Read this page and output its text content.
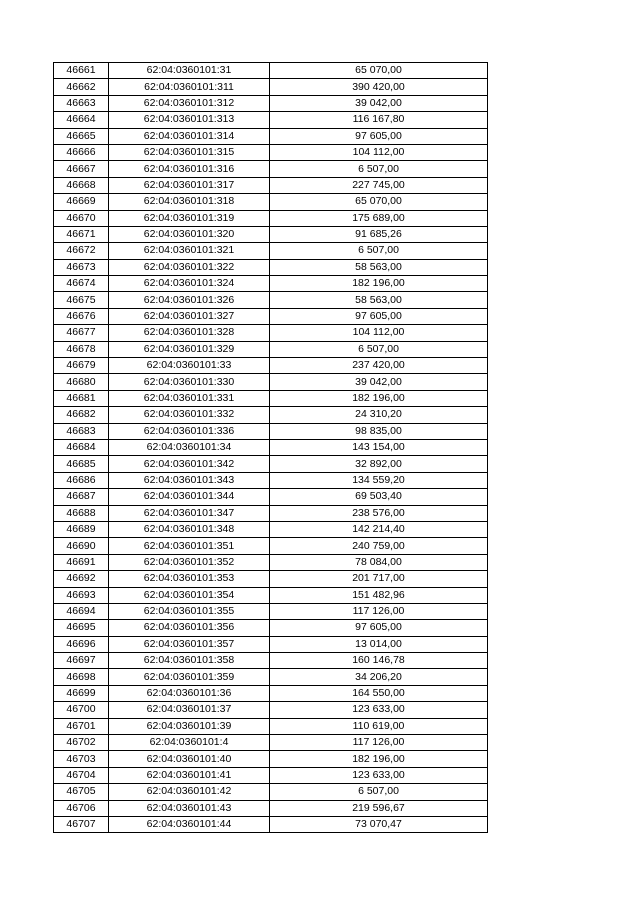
46661	62:04:0360101:31	65 070,00
46662	62:04:0360101:311	390 420,00
46663	62:04:0360101:312	39 042,00
46664	62:04:0360101:313	116 167,80
46665	62:04:0360101:314	97 605,00
46666	62:04:0360101:315	104 112,00
46667	62:04:0360101:316	6 507,00
46668	62:04:0360101:317	227 745,00
46669	62:04:0360101:318	65 070,00
46670	62:04:0360101:319	175 689,00
46671	62:04:0360101:320	91 685,26
46672	62:04:0360101:321	6 507,00
46673	62:04:0360101:322	58 563,00
46674	62:04:0360101:324	182 196,00
46675	62:04:0360101:326	58 563,00
46676	62:04:0360101:327	97 605,00
46677	62:04:0360101:328	104 112,00
46678	62:04:0360101:329	6 507,00
46679	62:04:0360101:33	237 420,00
46680	62:04:0360101:330	39 042,00
46681	62:04:0360101:331	182 196,00
46682	62:04:0360101:332	24 310,20
46683	62:04:0360101:336	98 835,00
46684	62:04:0360101:34	143 154,00
46685	62:04:0360101:342	32 892,00
46686	62:04:0360101:343	134 559,20
46687	62:04:0360101:344	69 503,40
46688	62:04:0360101:347	238 576,00
46689	62:04:0360101:348	142 214,40
46690	62:04:0360101:351	240 759,00
46691	62:04:0360101:352	78 084,00
46692	62:04:0360101:353	201 717,00
46693	62:04:0360101:354	151 482,96
46694	62:04:0360101:355	117 126,00
46695	62:04:0360101:356	97 605,00
46696	62:04:0360101:357	13 014,00
46697	62:04:0360101:358	160 146,78
46698	62:04:0360101:359	34 206,20
46699	62:04:0360101:36	164 550,00
46700	62:04:0360101:37	123 633,00
46701	62:04:0360101:39	110 619,00
46702	62:04:0360101:4	117 126,00
46703	62:04:0360101:40	182 196,00
46704	62:04:0360101:41	123 633,00
46705	62:04:0360101:42	6 507,00
46706	62:04:0360101:43	219 596,67
46707	62:04:0360101:44	73 070,47
